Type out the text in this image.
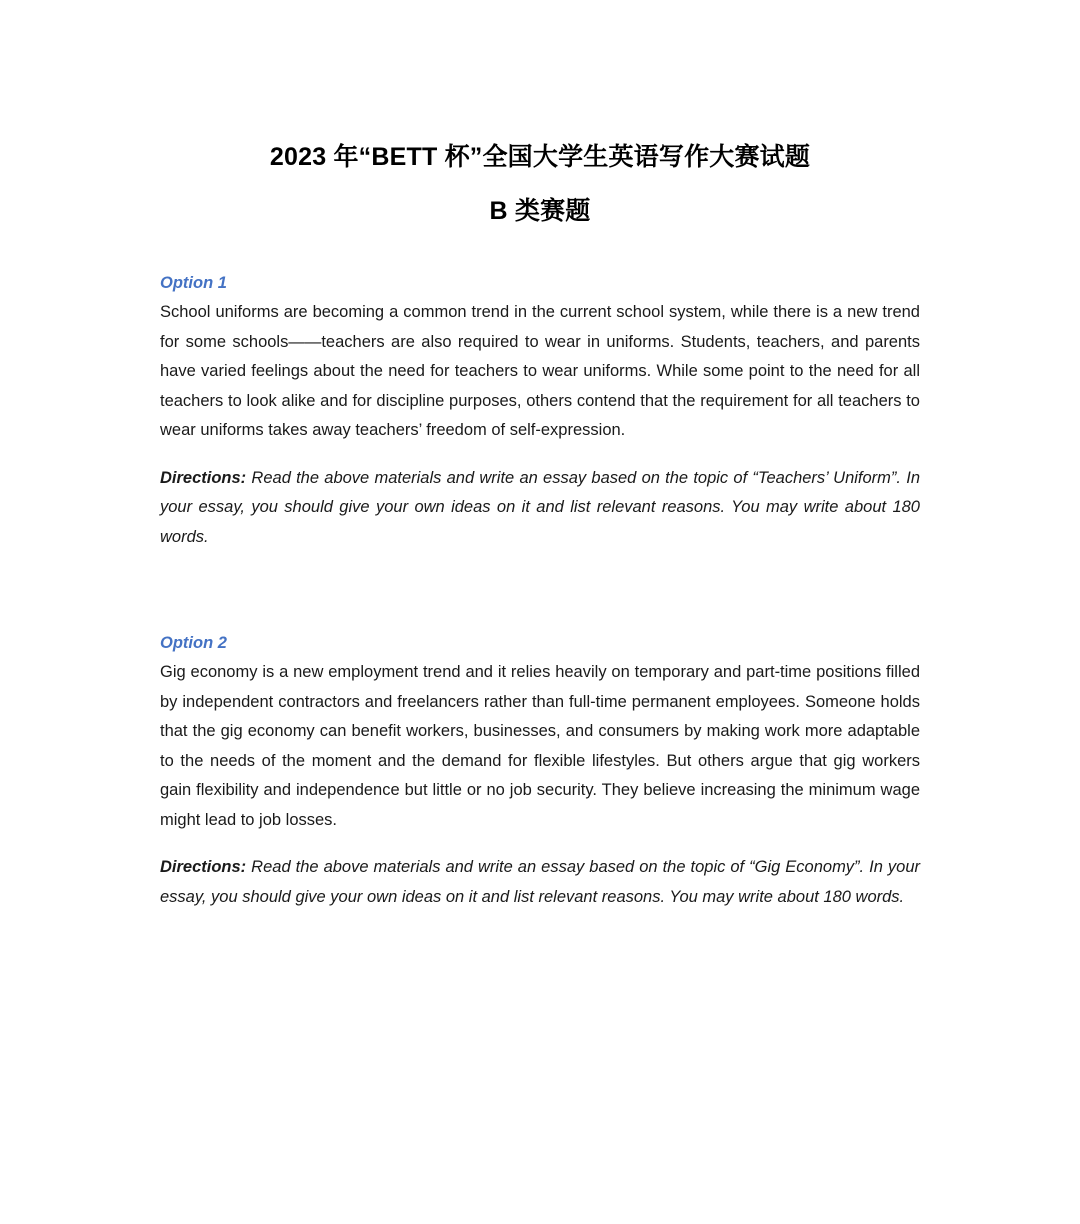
2023 年“BETT 杯”全国大学生英语写作大赛试题
B 类赛题
Option 1

School uniforms are becoming a common trend in the current school system, while there is a new trend for some schools——teachers are also required to wear in uniforms. Students, teachers, and parents have varied feelings about the need for teachers to wear uniforms. While some point to the need for all teachers to look alike and for discipline purposes, others contend that the requirement for all teachers to wear uniforms takes away teachers’ freedom of self-expression.

Directions: Read the above materials and write an essay based on the topic of “Teachers’ Uniform”. In your essay, you should give your own ideas on it and list relevant reasons. You may write about 180 words.

Option 2

Gig economy is a new employment trend and it relies heavily on temporary and part-time positions filled by independent contractors and freelancers rather than full-time permanent employees. Someone holds that the gig economy can benefit workers, businesses, and consumers by making work more adaptable to the needs of the moment and the demand for flexible lifestyles. But others argue that gig workers gain flexibility and independence but little or no job security. They believe increasing the minimum wage might lead to job losses.

Directions: Read the above materials and write an essay based on the topic of “Gig Economy”. In your essay, you should give your own ideas on it and list relevant reasons. You may write about 180 words.
